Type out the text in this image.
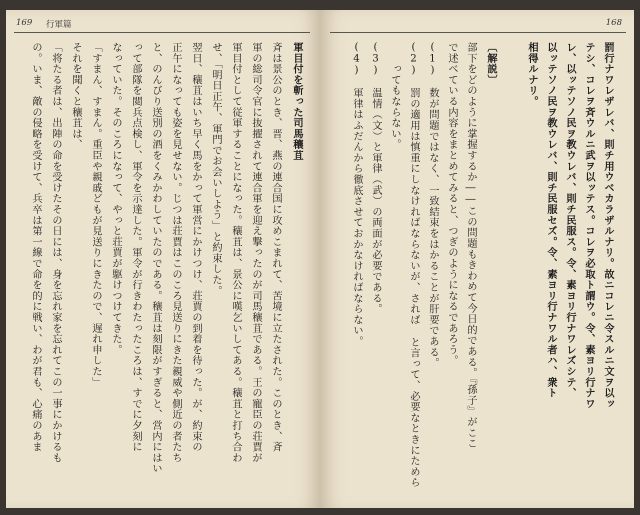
169 行軍篇
軍目付を斬った司馬穰苴
斉は景公のとき、晋、燕の連合国に攻めこまれて、苦境に立たされた。このとき、斉
軍の総司令官に抜擢されて連合軍を迎え撃ったのが司馬穰苴である。王の寵臣の荘賈が
軍目付として従軍することになった。穰苴は、景公に嘆乞いしてある。穰苴と打ち合わ
せ、「明日正午、軍門でお会いしよう」と約束した。
翌日、穰苴はいち早く馬をかって軍営にかけつけ、荘賈の到着を待った。が、約束の
正午になっても姿を見せない。じつは荘賈はこのころ見送りにきた親威や側近の者たち
と、のんびり送別の酒をくみかわしていたのである。穰苴は刻限がすぎると、営内にはい
って部隊を閲兵点検し、軍令を示達した。軍令が行きわたったころは、すでに夕刻に
なっていた。そのころになって、やっと荘賈が駆けつけてきた。
「すまん、すまん。重臣や親戚どもが見送りにきたので、遅れ申した」
それを聞くと穰苴は、
「将たる者は、出陣の命を受けたその日には、身を忘れ家を忘れてこの一事にかけるも
の。いま、敵の侵略を受けて、兵卒は第一線で命を的に戦い、わが君も、心痛のあま
168
罰行ナワレザレバ、則チ用ウベカラザルナリ。故ニコレニ令スルニ文ヲ以ッ
テシ、コレヲ斉ウルニ武ヲ以ッテス。コレヲ必取ト謂ウ。令、素ヨリ行ナワ
レ、以ッテソノ民ヲ教ウレバ、則チ民服ス。令、素ヨリ行ナワレズシテ、
以ッテソノ民ヲ教ウレバ、則チ民服セズ。令、素ヨリ行ナワル者ハ、衆ト
相得ルナリ。
〔解説〕
部下をどのように掌握するか――この問題もきわめて今日的である。『孫子』がここ
で述べている内容をまとめてみると、つぎのようになるであろう。
(1)　数が問題ではなく、一致結束をはかることが肝要である。
(2)　罰の適用は慎重にしなければならないが、されば と言って、必要なときにためら
　　ってもならない。
(3)　温情（文）と軍律（武）の両面が必要である。
(4)　軍律はふだんから徹底させておかなければならない。
